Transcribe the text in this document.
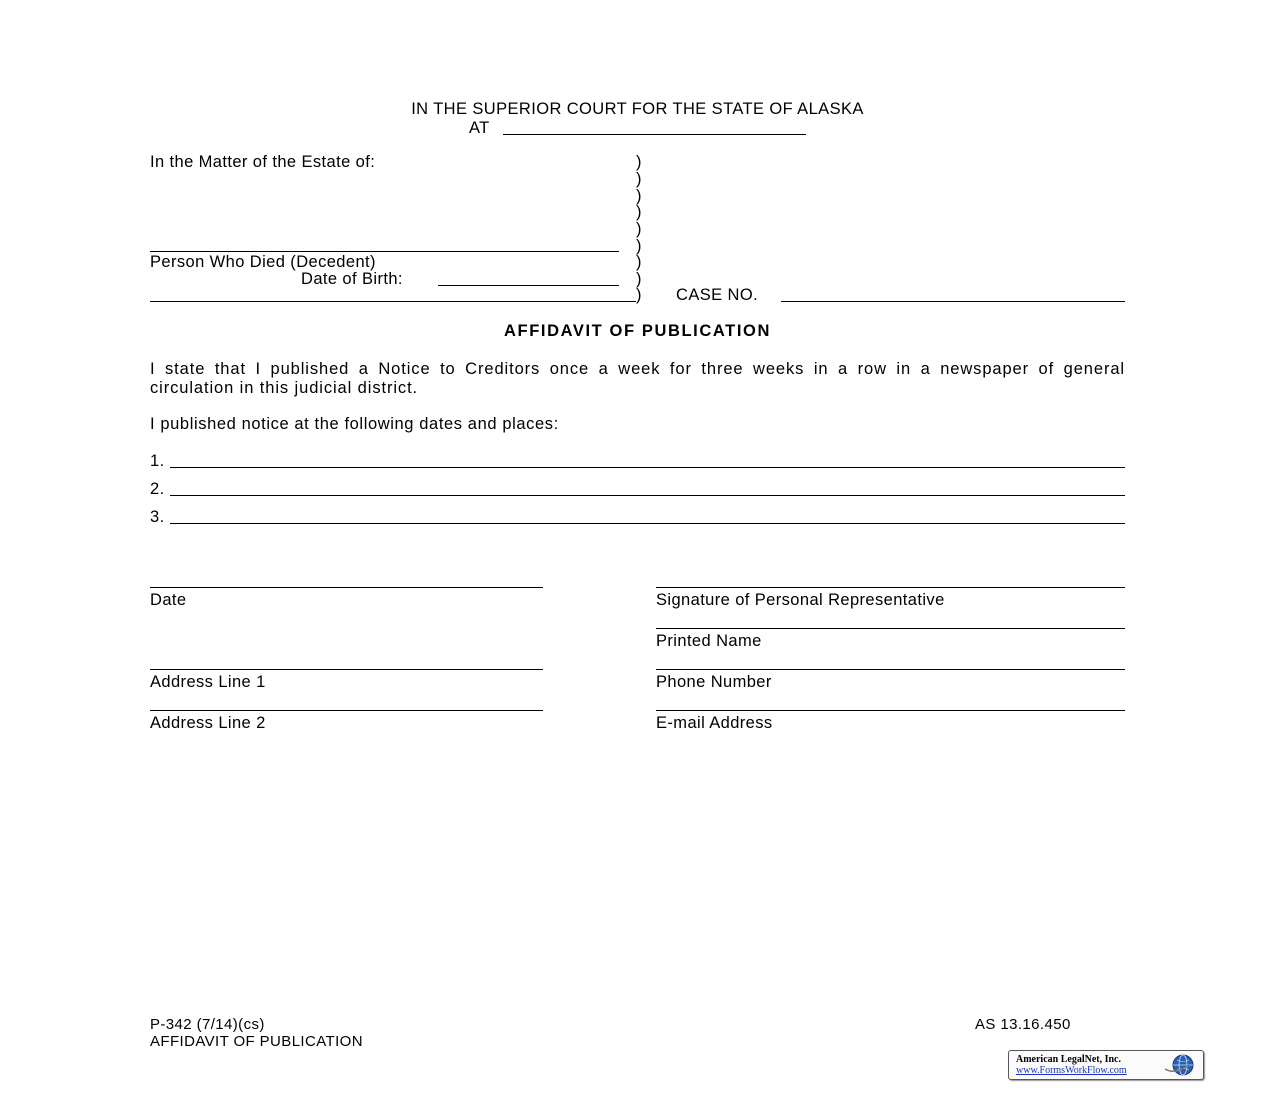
IN THE SUPERIOR COURT FOR THE STATE OF ALASKA
AT
In the Matter of the Estate of:
Person Who Died (Decedent)
Date of Birth:
)
)
)
)
)
)
)
)
) CASE NO.
AFFIDAVIT OF PUBLICATION
I state that I published a Notice to Creditors once a week for three weeks in a row in a newspaper of general circulation in this judicial district.
I published notice at the following dates and places:
1.
2.
3.
Date	Signature of Personal Representative
Printed Name
Address Line 1	Phone Number
Address Line 2	E-mail Address
P-342 (7/14)(cs)
AFFIDAVIT OF PUBLICATION
AS 13.16.450
American LegalNet, Inc.
www.FormsWorkFlow.com
